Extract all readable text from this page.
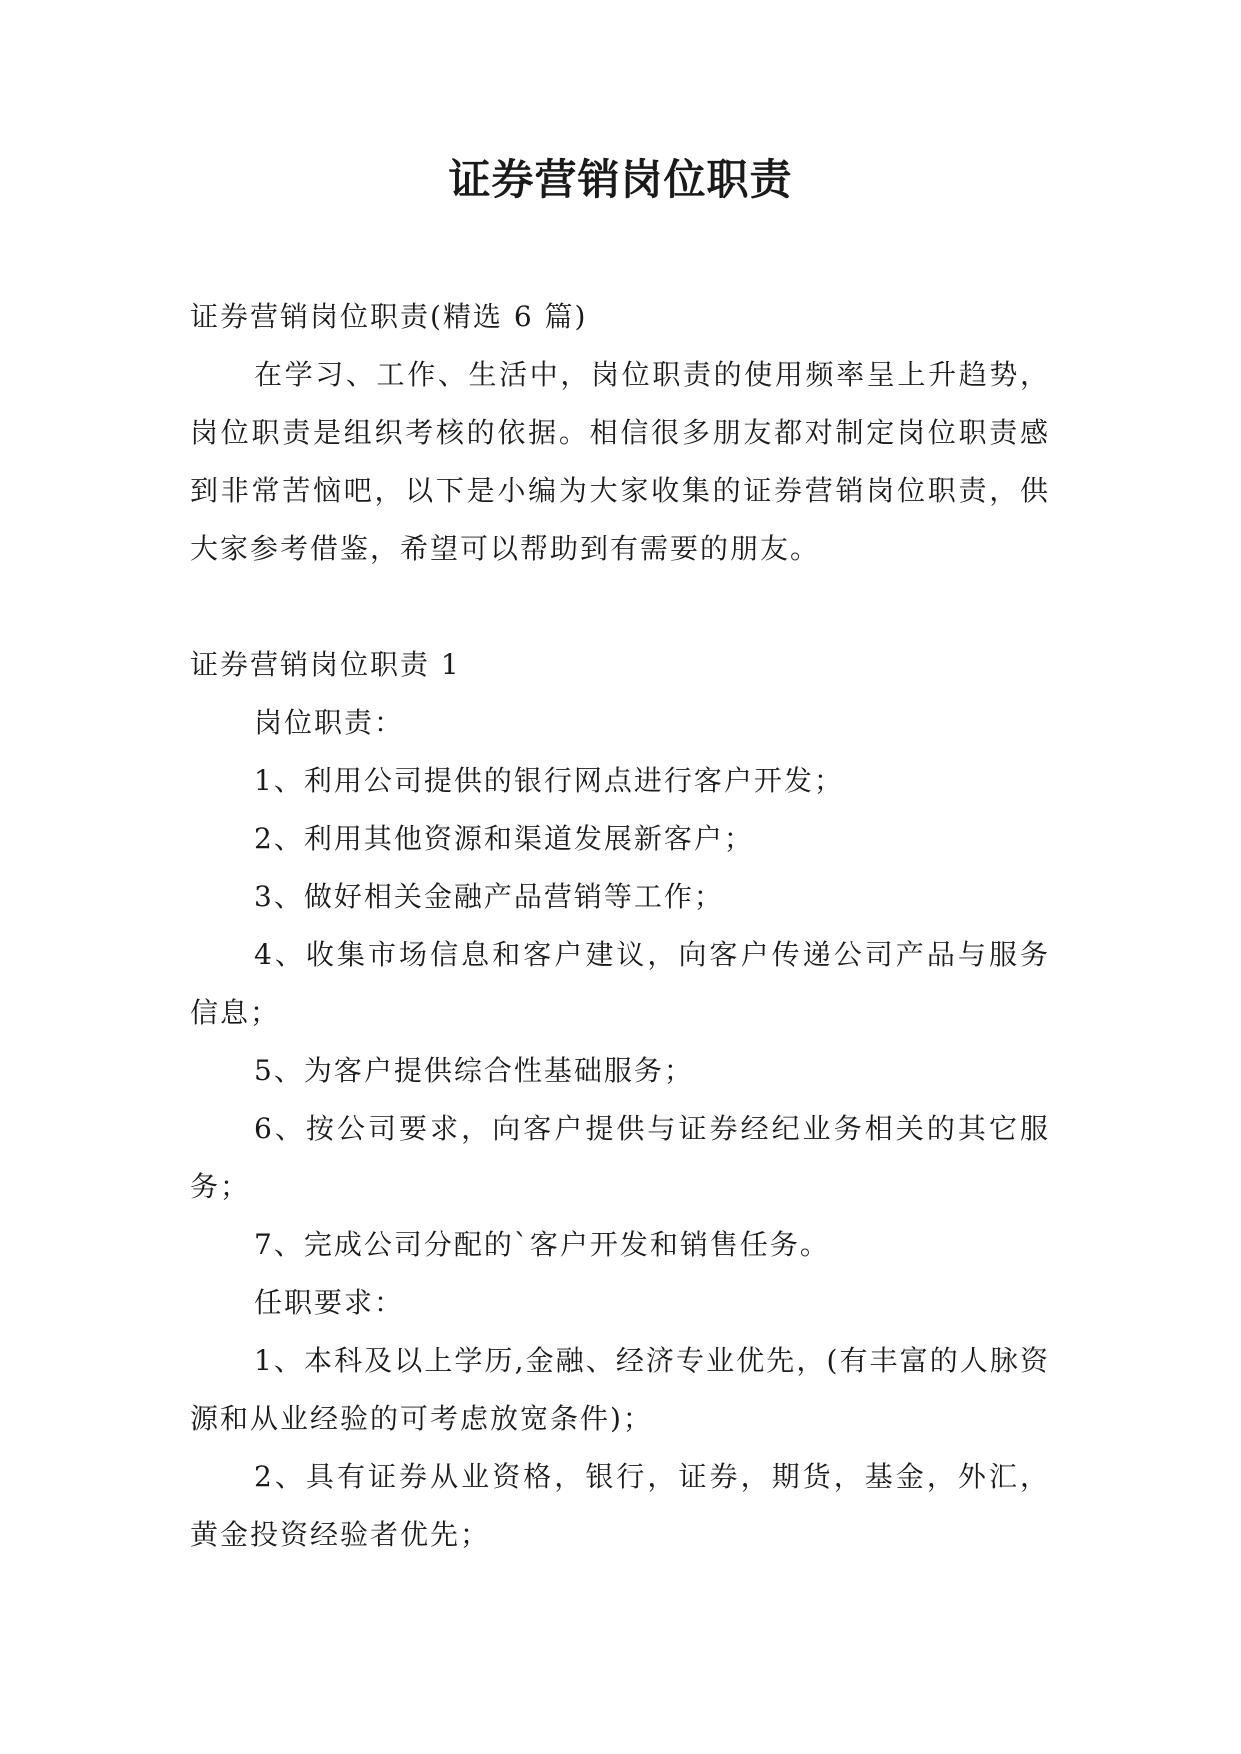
证券营销岗位职责

证券营销岗位职责(精选 6 篇)

在学习、工作、生活中，岗位职责的使用频率呈上升趋势，岗位职责是组织考核的依据。相信很多朋友都对制定岗位职责感到非常苦恼吧，以下是小编为大家收集的证券营销岗位职责，供大家参考借鉴，希望可以帮助到有需要的朋友。

证券营销岗位职责 1

岗位职责：

1、利用公司提供的银行网点进行客户开发；

2、利用其他资源和渠道发展新客户；

3、做好相关金融产品营销等工作；

4、收集市场信息和客户建议，向客户传递公司产品与服务信息；

5、为客户提供综合性基础服务；

6、按公司要求，向客户提供与证券经纪业务相关的其它服务；

7、完成公司分配的`客户开发和销售任务。

任职要求：

1、本科及以上学历,金融、经济专业优先，(有丰富的人脉资源和从业经验的可考虑放宽条件)；

2、具有证券从业资格，银行，证券，期货，基金，外汇，黄金投资经验者优先；
